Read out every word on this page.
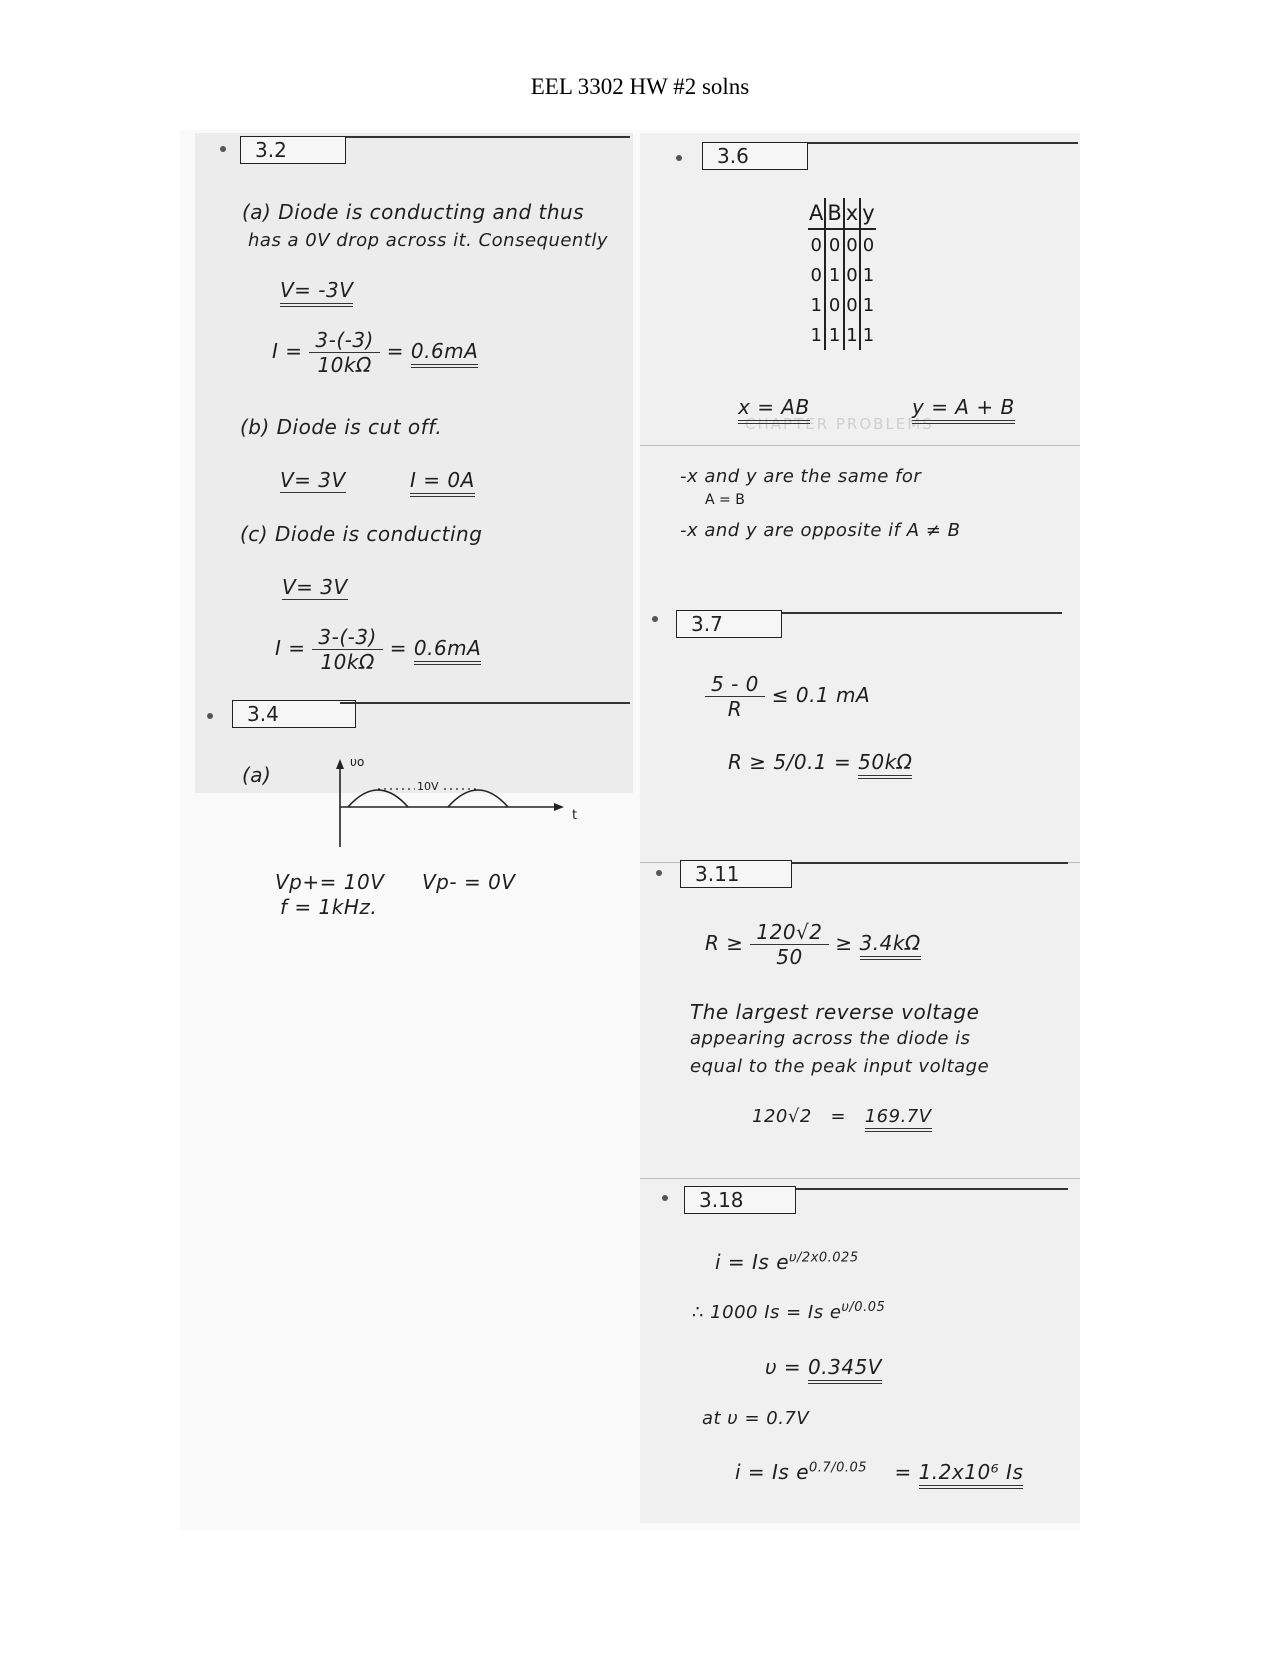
EEL 3302 HW #2 solns
3.2
(a) Diode is conducting and thus
has a 0V drop across it. Consequently
V= -3V
$I = \frac{3-(-3)}{10k\Omega} = 0.6mA$
(b) Diode is cut off.
V= 3V	I = 0A
(c) Diode is conducting
V= 3V
$I = \frac{3-(-3)}{10k\Omega} = 0.6mA$
3.4
(a)
υo
t
10V
Vp+= 10V Vp- = 0V
f = 1kHz.
3.6
A	B	x	y
0	0	0	0
0	1	0	1
1	0	0	1
1	1	1	1
CHAPTER PROBLEMS
x = AB	y = A + B
-x and y are the same for
A = B
-x and y are opposite if A ≠ B
3.7
$\frac{5 - 0}{R} \le 0.1$ mA
R ≥ 5/0.1 = 50kΩ
3.11
$R \ge \frac{120√2}{50} \ge 3.4k\Omega$
The largest reverse voltage
appearing across the diode is
equal to the peak input voltage
120√2 = 169.7V
3.18
i = Is $e^{\upsilon/2x0.025}$
∴ 1000 Is = Is $e^{\upsilon/0.05}$
υ = 0.345V
at υ = 0.7V
i = Is $e^{0.7/0.05} = 1.2x10^6$ Is
